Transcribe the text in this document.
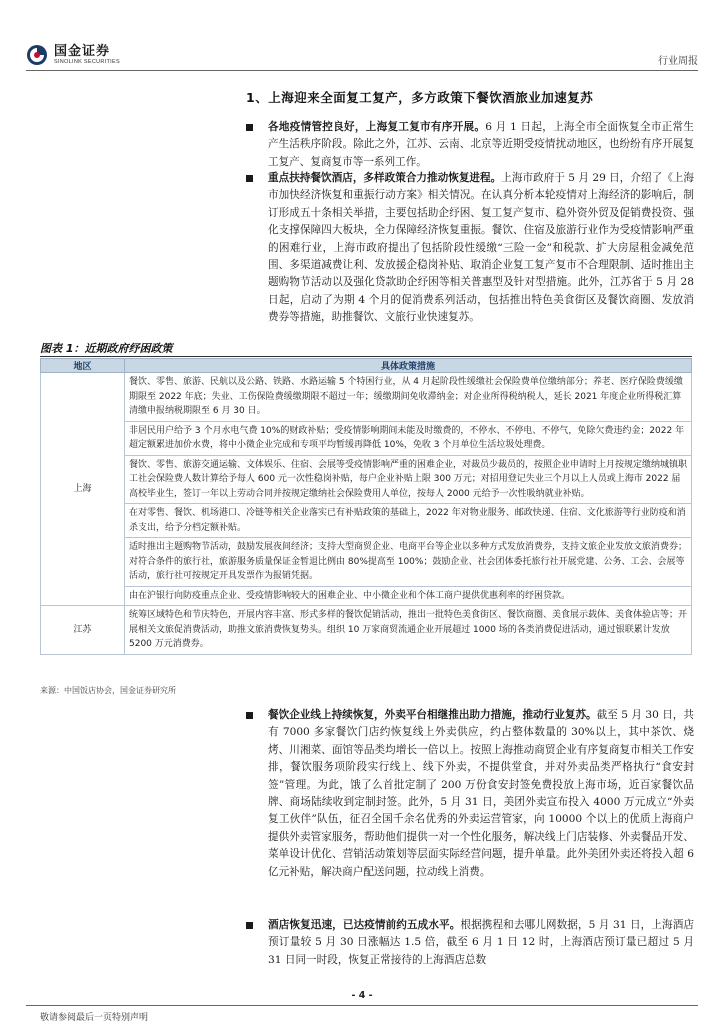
国金证券
SINOLINK SECURITIES	行业周报
1、上海迎来全面复工复产，多方政策下餐饮酒旅业加速复苏
各地疫情管控良好，上海复工复市有序开展。6 月 1 日起，上海全市全面恢复全市正常生产生活秩序阶段。除此之外，江苏、云南、北京等近期受疫情扰动地区，也纷纷有序开展复工复产、复商复市等一系列工作。
重点扶持餐饮酒店，多样政策合力推动恢复进程。上海市政府于 5 月 29 日，介绍了《上海市加快经济恢复和重振行动方案》相关情况。在认真分析本轮疫情对上海经济的影响后，制订形成五十条相关举措，主要包括助企纾困、复工复产复市、稳外资外贸及促销费投资、强化支撑保障四大板块，全力保障经济恢复重振。餐饮、住宿及旅游行业作为受疫情影响严重的困难行业，上海市政府提出了包括阶段性缓缴“三险一金”和税款、扩大房屋租金减免范围、多渠道减费让利、发放援企稳岗补贴、取消企业复工复产复市不合理限制、适时推出主题购物节活动以及强化贷款助企纾困等相关普惠型及针对型措施。此外，江苏省于 5 月 28 日起，启动了为期 4 个月的促消费系列活动，包括推出特色美食街区及餐饮商圈、发放消费券等措施，助推餐饮、文旅行业快速复苏。
图表 1：近期政府纾困政策
地区	具体政策措施
上海	餐饮、零售、旅游、民航以及公路、铁路、水路运输 5 个特困行业，从 4 月起阶段性缓缴社会保险费单位缴纳部分；养老、医疗保险费缓缴期限至 2022 年底；失业、工伤保险费缓缴期限不超过一年；缓缴期间免收滞纳金；对企业所得税纳税人，延长 2021 年度企业所得税汇算清缴申报纳税期限至 6 月 30 日。
	非居民用户给予 3 个月水电气费 10%的财政补贴；受疫情影响期间未能及时缴费的，不停水、不停电、不停气，免除欠费违约金；2022 年超定额累进加价水费，将中小微企业完成和专项平均暂缓再降低 10%，免收 3 个月单位生活垃圾处理费。
	餐饮、零售、旅游交通运输、文体娱乐、住宿、会展等受疫情影响严重的困难企业，对裁员少裁员的，按照企业申请时上月按规定缴纳城镇职工社会保险费人数计算给予每人 600 元一次性稳岗补贴，每户企业补贴上限 300 万元；对招用登记失业三个月以上人员或上海市 2022 届高校毕业生，签订一年以上劳动合同并按规定缴纳社会保险费用人单位，按每人 2000 元给予一次性吸纳就业补贴。
	在对零售、餐饮、机场港口、冷链等相关企业落实已有补贴政策的基础上，2022 年对物业服务、邮政快递、住宿、文化旅游等行业防疫和消杀支出，给予分档定额补贴。
	适时推出主题购物节活动，鼓励发展夜间经济；支持大型商贸企业、电商平台等企业以多种方式发放消费券，支持文旅企业发放文旅消费券；对符合条件的旅行社，旅游服务质量保证金暂退比例由 80%提高至 100%；鼓励企业、社会团体委托旅行社开展党建、公务、工会、会展等活动，旅行社可按规定开具发票作为报销凭据。
	由在沪银行向防疫重点企业、受疫情影响较大的困难企业、中小微企业和个体工商户提供优惠利率的纾困贷款。
江苏	统筹区域特色和节庆特色，开展内容丰富、形式多样的餐饮促销活动，推出一批特色美食街区、餐饮商圈、美食展示载体、美食体验店等；开展相关文旅促消费活动，助推文旅消费恢复势头。组织 10 万家商贸流通企业开展超过 1000 场的各类消费促进活动，通过银联累计发放 5200 万元消费券。
来源：中国饭店协会，国金证券研究所
餐饮企业线上持续恢复，外卖平台相继推出助力措施，推动行业复苏。截至 5 月 30 日，共有 7000 多家餐饮门店约恢复线上外卖供应，约占整体数量的 30%以上，其中茶饮、烧烤、川湘菜、面馆等品类均增长一倍以上。按照上海推动商贸企业有序复商复市相关工作安排，餐饮服务项阶段实行线上、线下外卖，不提供堂食，并对外卖品类严格执行“食安封签”管理。为此，饿了么首批定制了 200 万份食安封签免费投放上海市场，近百家餐饮品牌、商场陆续收到定制封签。此外，5 月 31 日，美团外卖宣布投入 4000 万元成立“外卖复工伙伴”队伍，征召全国千余名优秀的外卖运营管家，向 10000 个以上的优质上海商户提供外卖管家服务，帮助他们提供一对一个性化服务，解决线上门店装修、外卖餐品开发、菜单设计优化、营销活动策划等层面实际经营问题，提升单量。此外美团外卖还将投入超 6 亿元补贴，解决商户配送问题，拉动线上消费。
酒店恢复迅速，已达疫情前约五成水平。根据携程和去哪儿网数据，5 月 31 日，上海酒店预订量较 5 月 30 日涨幅达 1.5 倍，截至 6 月 1 日 12 时，上海酒店预订量已超过 5 月 31 日同一时段，恢复正常接待的上海酒店总数
- 4 -
敬请参阅最后一页特别声明
